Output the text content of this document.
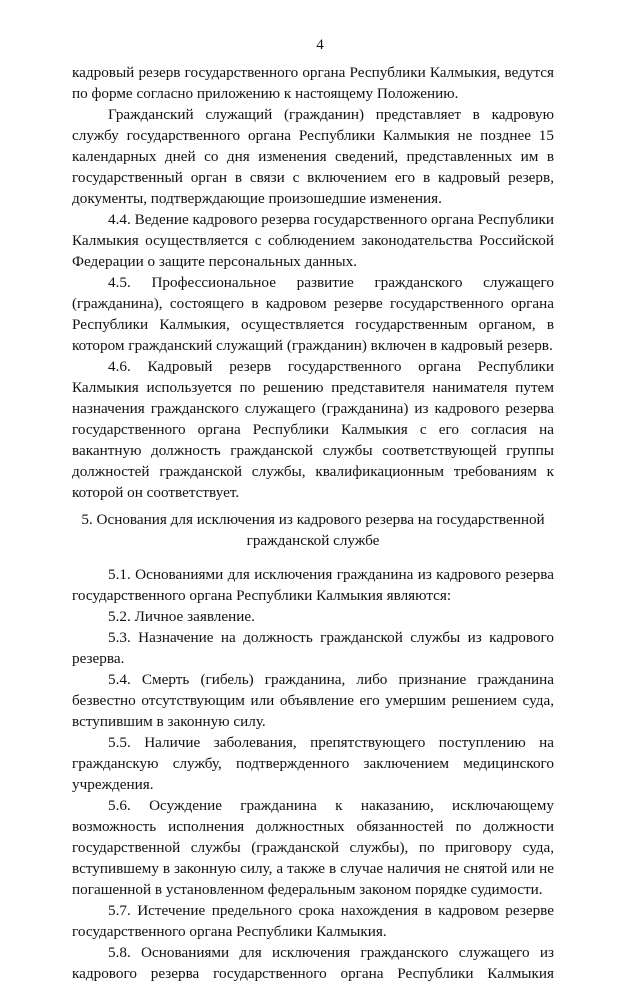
4
кадровый резерв государственного органа Республики Калмыкия, ведутся
по форме согласно приложению к настоящему Положению.
Гражданский служащий (гражданин) представляет в кадровую
службу государственного органа Республики Калмыкия не позднее 15
календарных дней со дня изменения сведений, представленных им в
государственный орган в связи с включением его в кадровый резерв,
документы, подтверждающие произошедшие изменения.
4.4. Ведение кадрового резерва государственного органа Республики
Калмыкия осуществляется с соблюдением законодательства Российской
Федерации о защите персональных данных.
4.5. Профессиональное развитие гражданского служащего
(гражданина), состоящего в кадровом резерве государственного органа
Республики Калмыкия, осуществляется государственным органом, в
котором гражданский служащий (гражданин) включен в кадровый резерв.
4.6. Кадровый резерв государственного органа Республики
Калмыкия используется по решению представителя нанимателя путем
назначения гражданского служащего (гражданина) из кадрового резерва
государственного органа Республики Калмыкия с его согласия на
вакантную должность гражданской службы соответствующей группы
должностей гражданской службы, квалификационным требованиям к
которой он соответствует.
5. Основания для исключения из кадрового резерва на государственной
гражданской службе
5.1. Основаниями для исключения гражданина из кадрового резерва
государственного органа Республики Калмыкия являются:
5.2. Личное заявление.
5.3. Назначение на должность гражданской службы из кадрового
резерва.
5.4. Смерть (гибель) гражданина, либо признание гражданина
безвестно отсутствующим или объявление его умершим решением суда,
вступившим в законную силу.
5.5. Наличие заболевания, препятствующего поступлению на
гражданскую службу, подтвержденного заключением медицинского
учреждения.
5.6. Осуждение гражданина к наказанию, исключающему
возможность исполнения должностных обязанностей по должности
государственной службы (гражданской службы), по приговору суда,
вступившему в законную силу, а также в случае наличия не снятой или не
погашенной в установленном федеральным законом порядке судимости.
5.7. Истечение предельного срока нахождения в кадровом резерве
государственного органа Республики Калмыкия.
5.8. Основаниями для исключения гражданского служащего из
кадрового резерва государственного органа Республики Калмыкия
